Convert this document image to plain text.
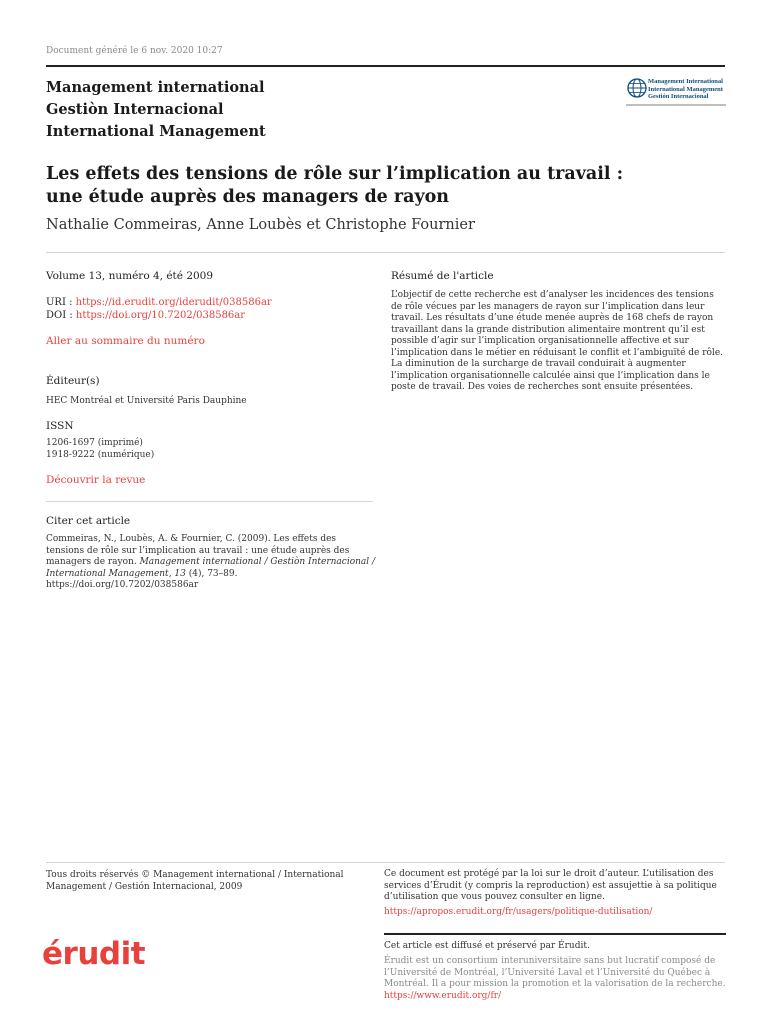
Document généré le 6 nov. 2020 10:27
Management international
Gestiòn Internacional
International Management
Management International
International Management
Gestión Internacional
Les effets des tensions de rôle sur l’implication au travail : une étude auprès des managers de rayon
Nathalie Commeiras, Anne Loubès et Christophe Fournier
Volume 13, numéro 4, été 2009
URI : https://id.erudit.org/iderudit/038586ar
DOI : https://doi.org/10.7202/038586ar
Aller au sommaire du numéro
Éditeur(s)
HEC Montréal et Université Paris Dauphine
ISSN
1206-1697 (imprimé)
1918-9222 (numérique)
Découvrir la revue
Citer cet article
Commeiras, N., Loubès, A. & Fournier, C. (2009). Les effets des tensions de rôle sur l’implication au travail : une étude auprès des managers de rayon. Management international / Gestiòn Internacional / International Management, 13 (4), 73–89. https://doi.org/10.7202/038586ar
Résumé de l'article
L’objectif de cette recherche est d’analyser les incidences des tensions de rôle vécues par les managers de rayon sur l’implication dans leur travail. Les résultats d’une étude menée auprès de 168 chefs de rayon travaillant dans la grande distribution alimentaire montrent qu’il est possible d’agir sur l’implication organisationnelle affective et sur l’implication dans le métier en réduisant le conflit et l’ambiguïté de rôle. La diminution de la surcharge de travail conduirait à augmenter l’implication organisationnelle calculée ainsi que l’implication dans le poste de travail. Des voies de recherches sont ensuite présentées.
Tous droits réservés © Management international / International Management / Gestión Internacional, 2009
Ce document est protégé par la loi sur le droit d’auteur. L’utilisation des services d’Érudit (y compris la reproduction) est assujettie à sa politique d’utilisation que vous pouvez consulter en ligne.
https://apropos.erudit.org/fr/usagers/politique-dutilisation/
érudit	Cet article est diffusé et préservé par Érudit.
Érudit est un consortium interuniversitaire sans but lucratif composé de l’Université de Montréal, l’Université Laval et l’Université du Québec à Montréal. Il a pour mission la promotion et la valorisation de la recherche.
https://www.erudit.org/fr/
